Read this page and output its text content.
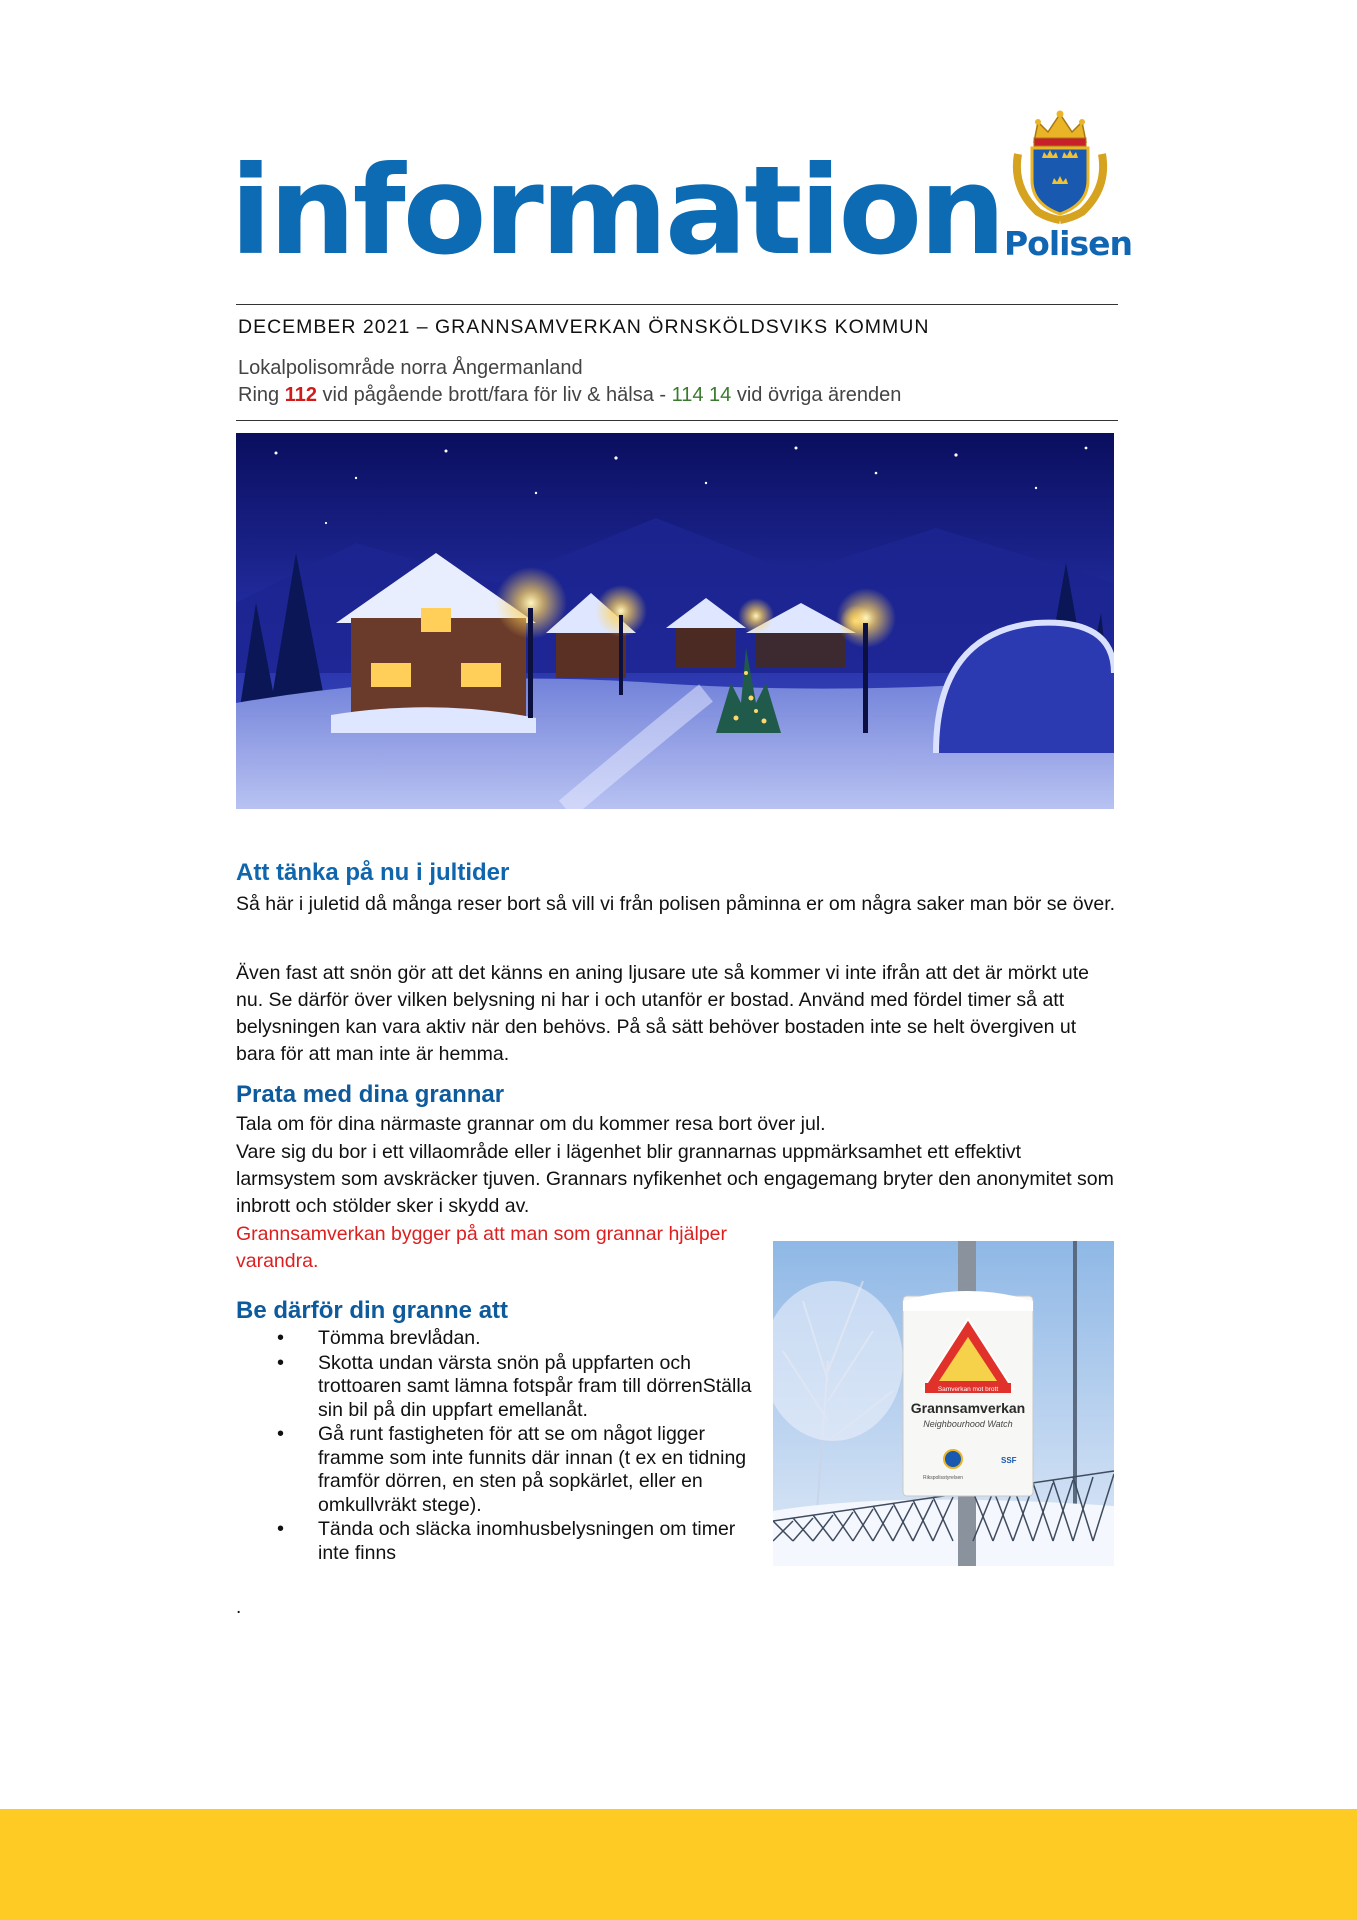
information Polisen
DECEMBER 2021 – GRANNSAMVERKAN ÖRNSKÖLDSVIKS KOMMUN
Lokalpolisområde norra Ångermanland
Ring 112 vid pågående brott/fara för liv & hälsa - 114 14 vid övriga ärenden
Att tänka på nu i jultider

Så här i juletid då många reser bort så vill vi från polisen påminna er om några saker man bör se över.

Även fast att snön gör att det känns en aning ljusare ute så kommer vi inte ifrån att det är mörkt ute nu. Se därför över vilken belysning ni har i och utanför er bostad. Använd med fördel timer så att belysningen kan vara aktiv när den behövs. På så sätt behöver bostaden inte se helt övergiven ut bara för att man inte är hemma.

Prata med dina grannar

Tala om för dina närmaste grannar om du kommer resa bort över jul.

Vare sig du bor i ett villaområde eller i lägenhet blir grannarnas uppmärksamhet ett effektivt larmsystem som avskräcker tjuven. Grannars nyfikenhet och engagemang bryter den anonymitet som inbrott och stölder sker i skydd av.

Grannsamverkan bygger på att man som grannar hjälper varandra.

Be därför din granne att
• Tömma brevlådan.
• Skotta undan värsta snön på uppfarten och trottoaren samt lämna fotspår fram till dörrenStälla sin bil på din uppfart emellanåt.
• Gå runt fastigheten för att se om något ligger framme som inte funnits där innan (t ex en tidning framför dörren, en sten på sopkärlet, eller en omkullvräkt stege).
• Tända och släcka inomhusbelysningen om timer inte finns
.
Samverkan mot brott
Grannsamverkan
Neighbourhood Watch
Rikspolisstyrelsen
SSF
